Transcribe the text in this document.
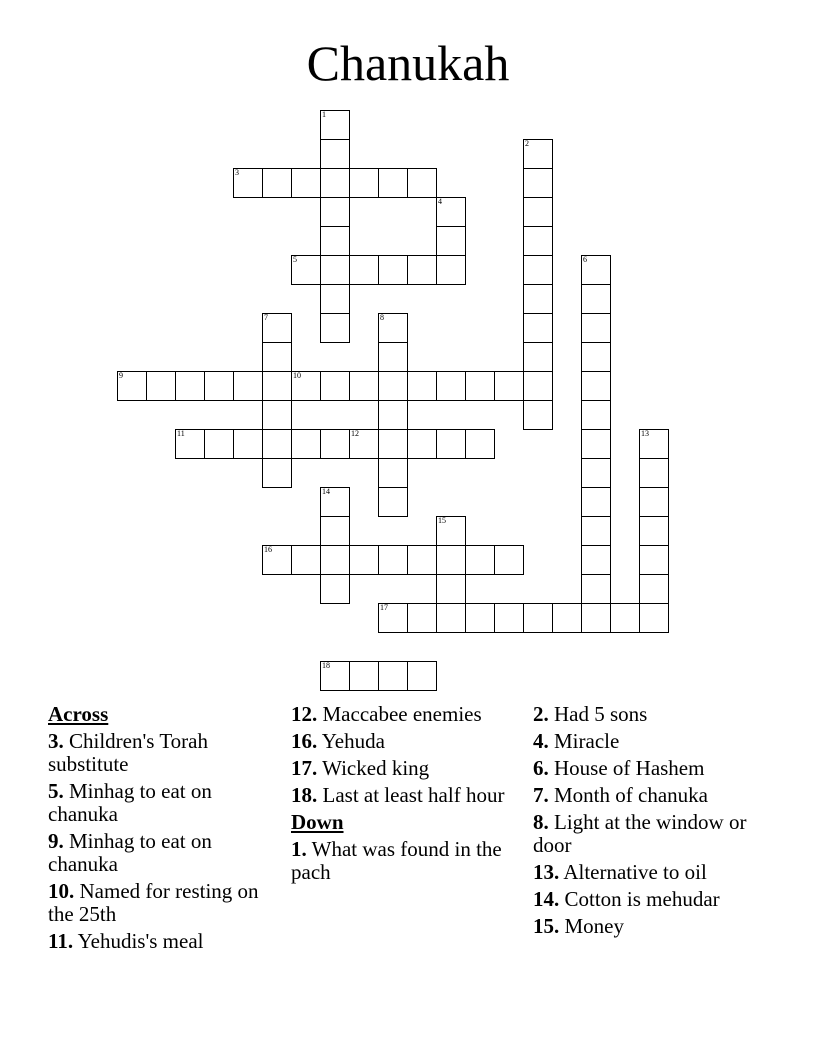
Chanukah
1
2
3
4
5	6
7	8
9	10
11	12	13
14
15
16
17
18
Across
3. Children's Torah substitute
5. Minhag to eat on chanuka
9. Minhag to eat on chanuka
10. Named for resting on the 25th
11. Yehudis's meal
12. Maccabee enemies
16. Yehuda
17. Wicked king
18. Last at least half hour
Down
1. What was found in the pach
2. Had 5 sons
4. Miracle
6. House of Hashem
7. Month of chanuka
8. Light at the window or door
13. Alternative to oil
14. Cotton is mehudar
15. Money
